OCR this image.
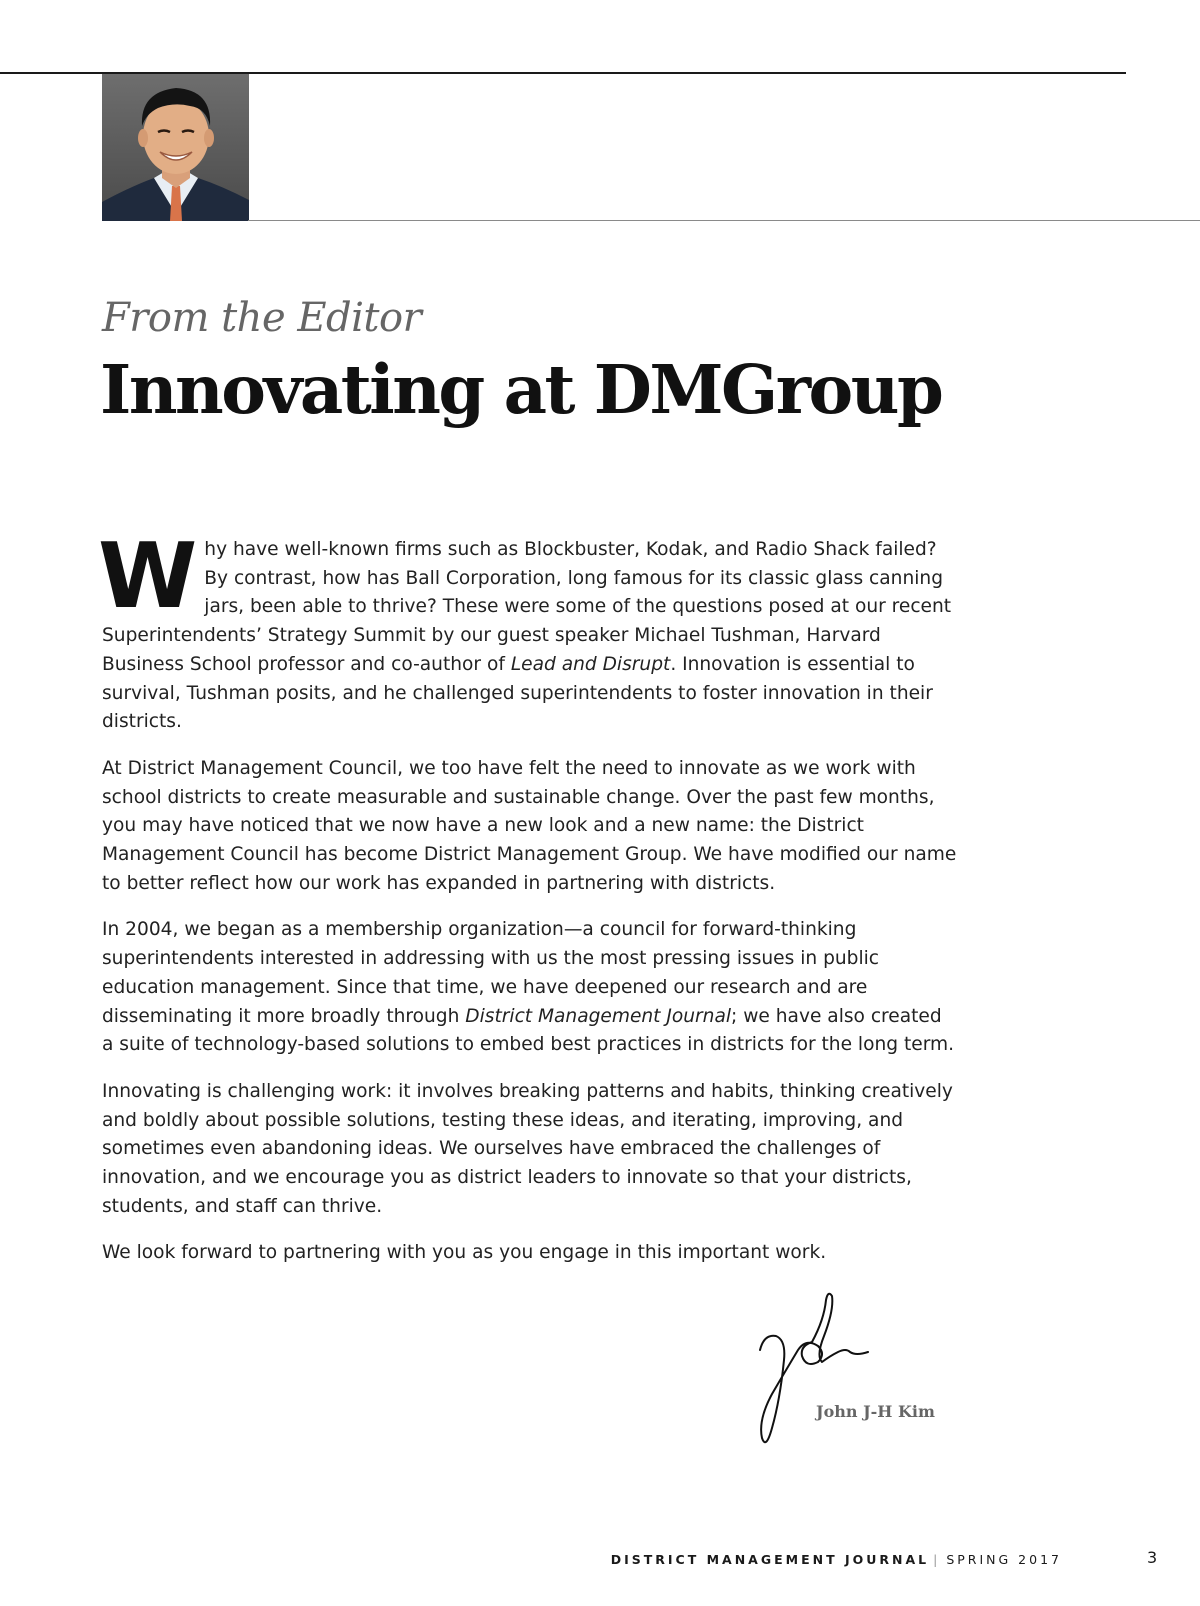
From the Editor
Innovating at DMGroup

Why have well-known firms such as Blockbuster, Kodak, and Radio Shack failed? By contrast, how has Ball Corporation, long famous for its classic glass canning jars, been able to thrive? These were some of the questions posed at our recent Superintendents’ Strategy Summit by our guest speaker Michael Tushman, Harvard Business School professor and co-author of Lead and Disrupt. Innovation is essential to survival, Tushman posits, and he challenged superintendents to foster innovation in their districts.

At District Management Council, we too have felt the need to innovate as we work with school districts to create measurable and sustainable change. Over the past few months, you may have noticed that we now have a new look and a new name: the District Management Council has become District Management Group. We have modified our name to better reflect how our work has expanded in partnering with districts.

In 2004, we began as a membership organization—a council for forward-thinking superintendents interested in addressing with us the most pressing issues in public education management. Since that time, we have deepened our research and are disseminating it more broadly through District Management Journal; we have also created a suite of technology-based solutions to embed best practices in districts for the long term.

Innovating is challenging work: it involves breaking patterns and habits, thinking creatively and boldly about possible solutions, testing these ideas, and iterating, improving, and sometimes even abandoning ideas. We ourselves have embraced the challenges of innovation, and we encourage you as district leaders to innovate so that your districts, students, and staff can thrive.

We look forward to partnering with you as you engage in this important work.

John J-H Kim
DISTRICT MANAGEMENT JOURNAL | SPRING 2017	3
